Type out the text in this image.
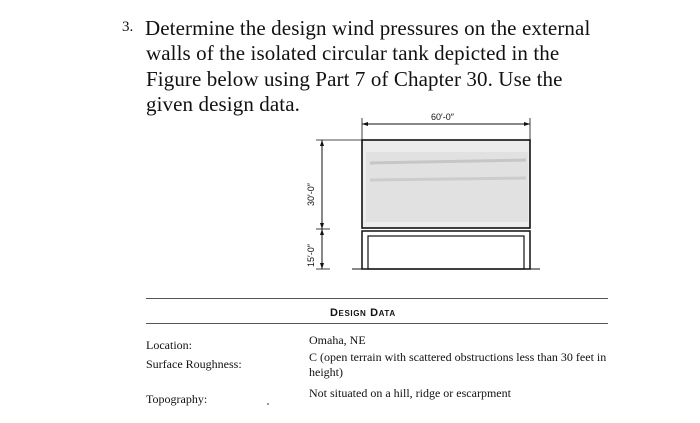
3. Determine the design wind pressures on the external
walls of the isolated circular tank depicted in the
Figure below using Part 7 of Chapter 30. Use the
given design data.
60′-0″
30′-0″
15′-0″
Design Data
Location:	Omaha, NE
Surface Roughness:	C (open terrain with scattered obstructions less than 30 feet in height)
Topography:	Not situated on a hill, ridge or escarpment
